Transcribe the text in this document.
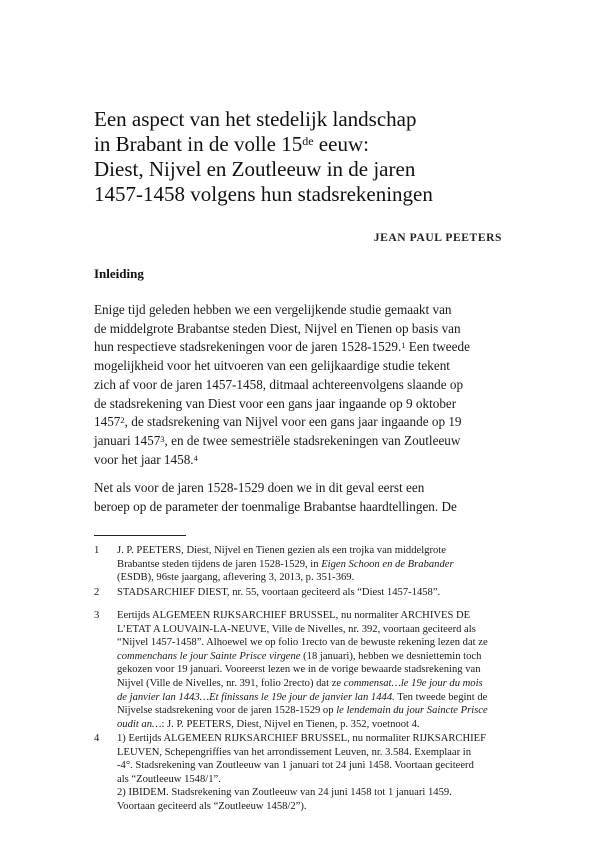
Een aspect van het stedelijk landschap
in Brabant in de volle 15de eeuw:
Diest, Nijvel en Zoutleeuw in de jaren
1457-1458 volgens hun stadsrekeningen
JEAN PAUL PEETERS
Inleiding
Enige tijd geleden hebben we een vergelijkende studie gemaakt van
de middelgrote Brabantse steden Diest, Nijvel en Tienen op basis van
hun respectieve stadsrekeningen voor de jaren 1528-1529.$^1$ Een tweede
mogelijkheid voor het uitvoeren van een gelijkaardige studie tekent
zich af voor de jaren 1457-1458, ditmaal achtereenvolgens slaande op
de stadsrekening van Diest voor een gans jaar ingaande op 9 oktober
1457$^2$, de stadsrekening van Nijvel voor een gans jaar ingaande op 19
januari 1457$^3$, en de twee semestriële stadsrekeningen van Zoutleeuw
voor het jaar 1458.$^4$
Net als voor de jaren 1528-1529 doen we in dit geval eerst een
beroep op de parameter der toenmalige Brabantse haardtellingen. De
1	J. P. PEETERS, Diest, Nijvel en Tienen gezien als een trojka van middelgrote
Brabantse steden tijdens de jaren 1528-1529, in Eigen Schoon en de Brabander
(ESDB), 96ste jaargang, aflevering 3, 2013, p. 351-369.
2	STADSARCHIEF DIEST, nr. 55, voortaan geciteerd als “Diest 1457-1458”.
3	Eertijds ALGEMEEN RIJKSARCHIEF BRUSSEL, nu normaliter ARCHIVES DE
L’ETAT A LOUVAIN-LA-NEUVE, Ville de Nivelles, nr. 392, voortaan geciteerd als
“Nijvel 1457-1458”. Alhoewel we op folio 1recto van de bewuste rekening lezen dat ze
commenchans le jour Sainte Prisce virgene (18 januari), hebben we desniettemin toch
gekozen voor 19 januari. Vooreerst lezen we in de vorige bewaarde stadsrekening van
Nijvel (Ville de Nivelles, nr. 391, folio 2recto) dat ze commensat…le 19e jour du mois
de janvier lan 1443…Et finissans le 19e jour de janvier lan 1444. Ten tweede begint de
Nijvelse stadsrekening voor de jaren 1528-1529 op le lendemain du jour Saincte Prisce
oudit an…: J. P. PEETERS, Diest, Nijvel en Tienen, p. 352, voetnoot 4.
4	1) Eertijds ALGEMEEN RIJKSARCHIEF BRUSSEL, nu normaliter RIJKSARCHIEF
LEUVEN, Schepengriffies van het arrondissement Leuven, nr. 3.584. Exemplaar in
-4°. Stadsrekening van Zoutleeuw van 1 januari tot 24 juni 1458. Voortaan geciteerd
als “Zoutleeuw 1548/1”.
2) IBIDEM. Stadsrekening van Zoutleeuw van 24 juni 1458 tot 1 januari 1459.
Voortaan geciteerd als “Zoutleeuw 1458/2”).
